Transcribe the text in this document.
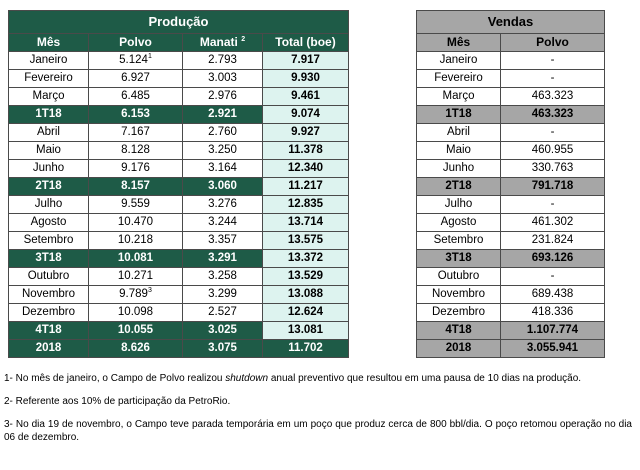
Produção			
Mês	Polvo	Manati $^2$	Total (boe)
Janeiro	5.124$^1$	2.793	7.917
Fevereiro	6.927	3.003	9.930
Março	6.485	2.976	9.461
1T18	6.153	2.921	9.074
Abril	7.167	2.760	9.927
Maio	8.128	3.250	11.378
Junho	9.176	3.164	12.340
2T18	8.157	3.060	11.217
Julho	9.559	3.276	12.835
Agosto	10.470	3.244	13.714
Setembro	10.218	3.357	13.575
3T18	10.081	3.291	13.372
Outubro	10.271	3.258	13.529
Novembro	9.789$^3$	3.299	13.088
Dezembro	10.098	2.527	12.624
4T18	10.055	3.025	13.081
2018	8.626	3.075	11.702
Vendas	
Mês	Polvo
Janeiro	-
Fevereiro	-
Março	463.323
1T18	463.323
Abril	-
Maio	460.955
Junho	330.763
2T18	791.718
Julho	-
Agosto	461.302
Setembro	231.824
3T18	693.126
Outubro	-
Novembro	689.438
Dezembro	418.336
4T18	1.107.774
2018	3.055.941

1- No mês de janeiro, o Campo de Polvo realizou shutdown anual preventivo que resultou em uma pausa de 10 dias na produção.

2- Referente aos 10% de participação da PetroRio.

3- No dia 19 de novembro, o Campo teve parada temporária em um poço que produz cerca de 800 bbl/dia. O poço retomou operação no dia 06 de dezembro.
